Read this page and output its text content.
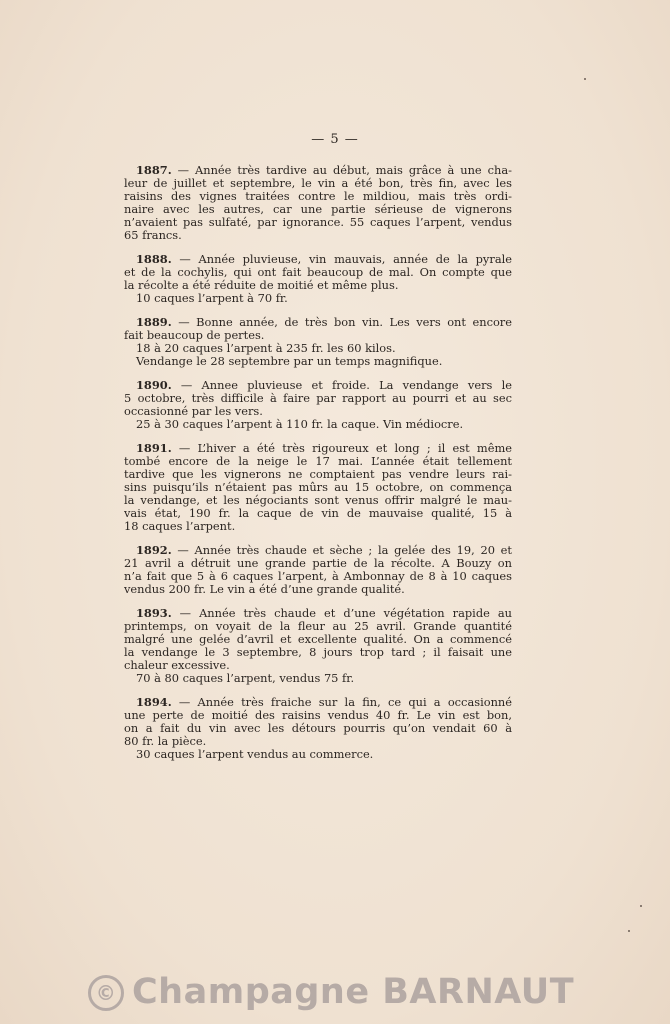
— 5 —
1887. — Année très tardive au début, mais grâce à une cha-
leur de juillet et septembre, le vin a été bon, très fin, avec les
raisins des vignes traitées contre le mildiou, mais très ordi-
naire avec les autres, car une partie sérieuse de vignerons
n’avaient pas sulfaté, par ignorance. 55 caques l’arpent, vendus
65 francs.
1888. — Année pluvieuse, vin mauvais, année de la pyrale
et de la cochylis, qui ont fait beaucoup de mal. On compte que
la récolte a été réduite de moitié et même plus.
10 caques l’arpent à 70 fr.
1889. — Bonne année, de très bon vin. Les vers ont encore
fait beaucoup de pertes.
18 à 20 caques l’arpent à 235 fr. les 60 kilos.
Vendange le 28 septembre par un temps magnifique.
1890. — Annee pluvieuse et froide. La vendange vers le
5 octobre, très difficile à faire par rapport au pourri et au sec
occasionné par les vers.
25 à 30 caques l’arpent à 110 fr. la caque. Vin médiocre.
1891. — L’hiver a été très rigoureux et long ; il est même
tombé encore de la neige le 17 mai. L’année était tellement
tardive que les vignerons ne comptaient pas vendre leurs rai-
sins puisqu’ils n’étaient pas mûrs au 15 octobre, on commença
la vendange, et les négociants sont venus offrir malgré le mau-
vais état, 190 fr. la caque de vin de mauvaise qualité, 15 à
18 caques l’arpent.
1892. — Année très chaude et sèche ; la gelée des 19, 20 et
21 avril a détruit une grande partie de la récolte. A Bouzy on
n’a fait que 5 à 6 caques l’arpent, à Ambonnay de 8 à 10 caques
vendus 200 fr. Le vin a été d’une grande qualité.
1893. — Année très chaude et d’une végétation rapide au
printemps, on voyait de la fleur au 25 avril. Grande quantité
malgré une gelée d’avril et excellente qualité. On a commencé
la vendange le 3 septembre, 8 jours trop tard ; il faisait une
chaleur excessive.
70 à 80 caques l’arpent, vendus 75 fr.
1894. — Année très fraiche sur la fin, ce qui a occasionné
une perte de moitié des raisins vendus 40 fr. Le vin est bon,
on a fait du vin avec les détours pourris qu’on vendait 60 à
80 fr. la pièce.
30 caques l’arpent vendus au commerce.
© Champagne BARNAUT
